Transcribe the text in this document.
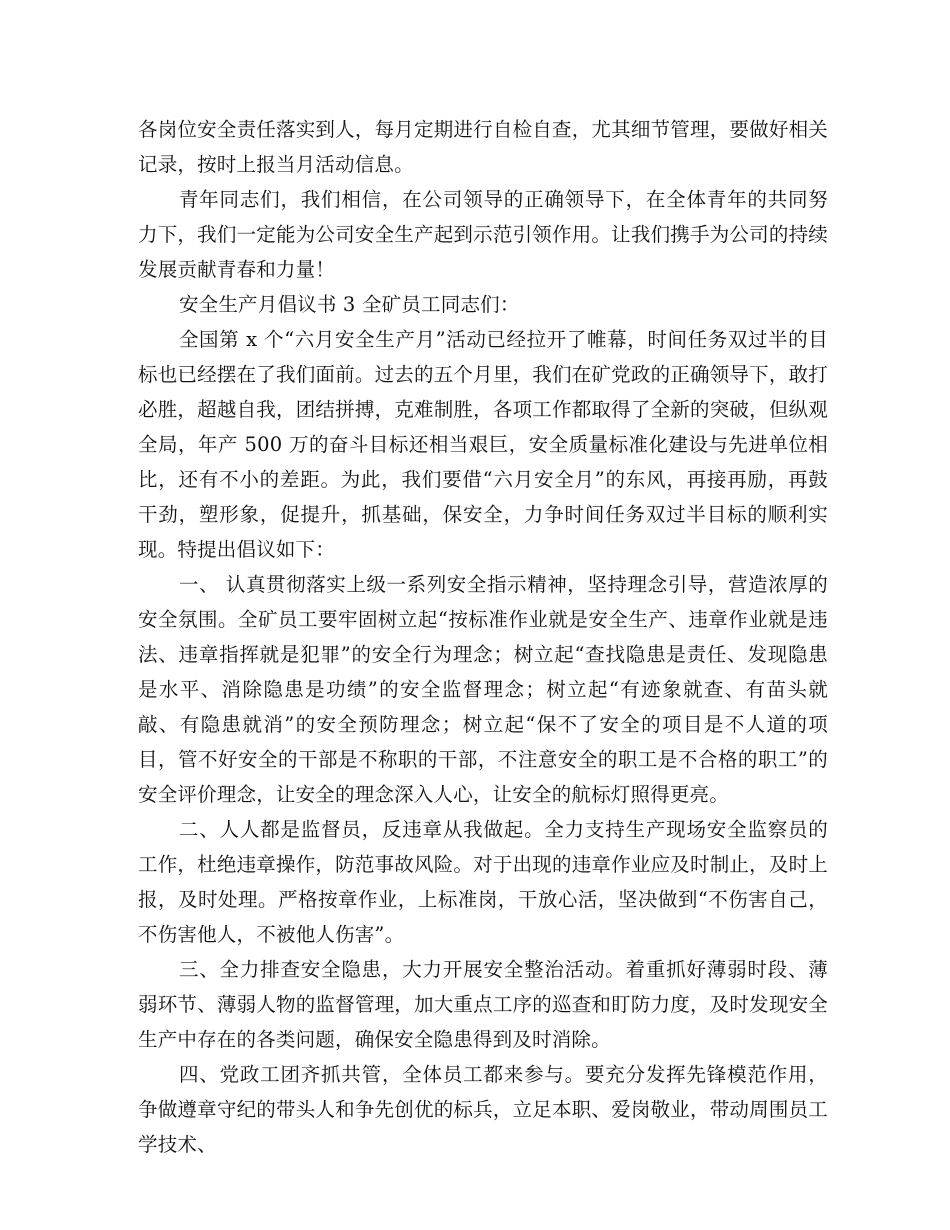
各岗位安全责任落实到人，每月定期进行自检自查，尤其细节管理，要做好相关记录，按时上报当月活动信息。

青年同志们，我们相信，在公司领导的正确领导下，在全体青年的共同努力下，我们一定能为公司安全生产起到示范引领作用。让我们携手为公司的持续发展贡献青春和力量！

安全生产月倡议书 3 全矿员工同志们：

全国第 x 个“六月安全生产月”活动已经拉开了帷幕，时间任务双过半的目标也已经摆在了我们面前。过去的五个月里，我们在矿党政的正确领导下，敢打必胜，超越自我，团结拼搏，克难制胜，各项工作都取得了全新的突破，但纵观全局，年产 500 万的奋斗目标还相当艰巨，安全质量标准化建设与先进单位相比，还有不小的差距。为此，我们要借“六月安全月”的东风，再接再励，再鼓干劲，塑形象，促提升，抓基础，保安全，力争时间任务双过半目标的顺利实现。特提出倡议如下：

一、 认真贯彻落实上级一系列安全指示精神，坚持理念引导，营造浓厚的安全氛围。全矿员工要牢固树立起“按标准作业就是安全生产、违章作业就是违法、违章指挥就是犯罪”的安全行为理念；树立起“查找隐患是责任、发现隐患是水平、消除隐患是功绩”的安全监督理念；树立起“有迹象就查、有苗头就敲、有隐患就消”的安全预防理念；树立起“保不了安全的项目是不人道的项目，管不好安全的干部是不称职的干部，不注意安全的职工是不合格的职工”的安全评价理念，让安全的理念深入人心，让安全的航标灯照得更亮。

二、人人都是监督员，反违章从我做起。全力支持生产现场安全监察员的工作，杜绝违章操作，防范事故风险。对于出现的违章作业应及时制止，及时上报，及时处理。严格按章作业，上标准岗，干放心活，坚决做到“不伤害自己，不伤害他人，不被他人伤害”。

三、全力排查安全隐患，大力开展安全整治活动。着重抓好薄弱时段、薄弱环节、薄弱人物的监督管理，加大重点工序的巡查和盯防力度，及时发现安全生产中存在的各类问题，确保安全隐患得到及时消除。

四、党政工团齐抓共管，全体员工都来参与。要充分发挥先锋模范作用，争做遵章守纪的带头人和争先创优的标兵，立足本职、爱岗敬业，带动周围员工学技术、
